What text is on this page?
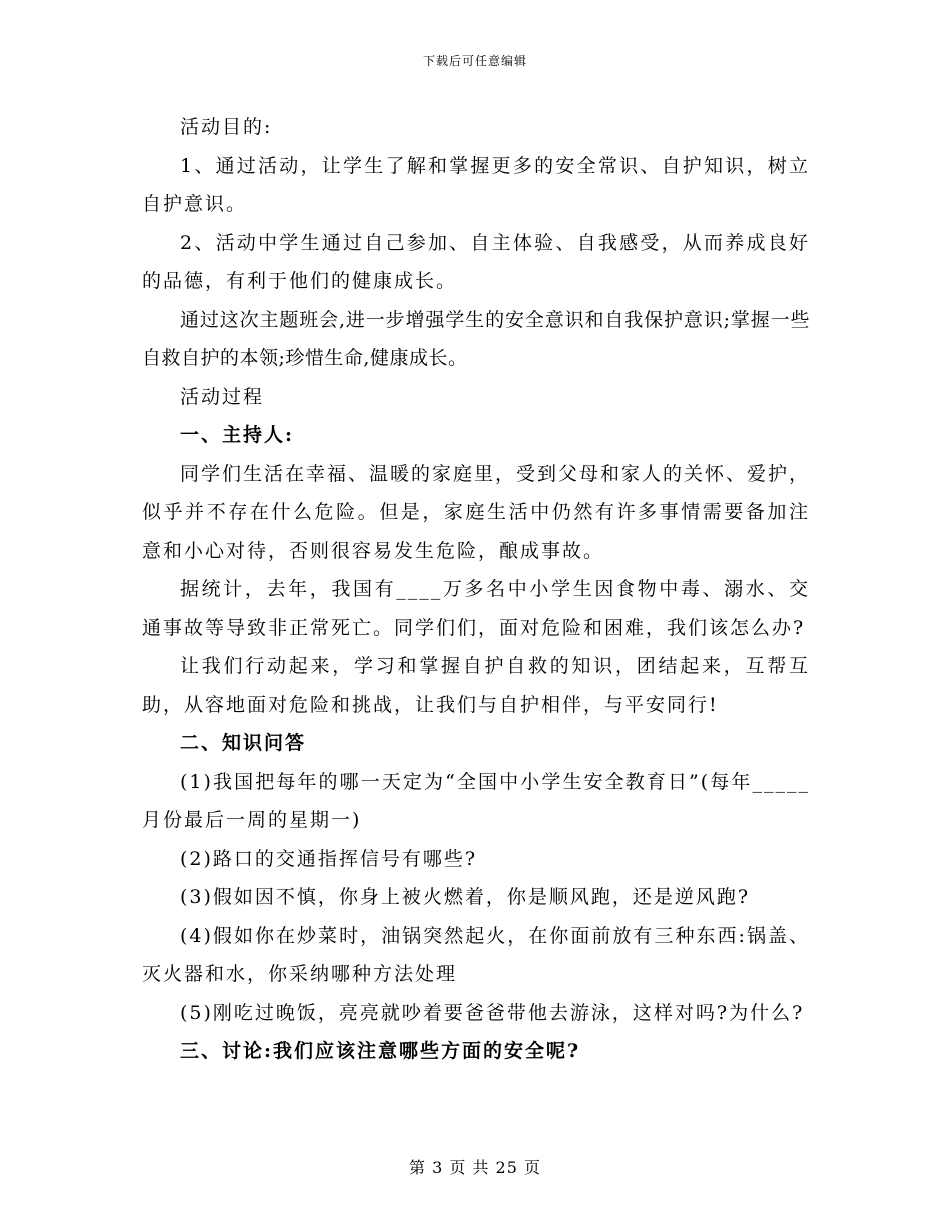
下载后可任意编辑

活动目的:

1、通过活动，让学生了解和掌握更多的安全常识、自护知识，树立自护意识。

2、活动中学生通过自己参加、自主体验、自我感受，从而养成良好的品德，有利于他们的健康成长。

通过这次主题班会,进一步增强学生的安全意识和自我保护意识;掌握一些自救自护的本领;珍惜生命,健康成长。

活动过程

一、主持人:

同学们生活在幸福、温暖的家庭里，受到父母和家人的关怀、爱护，似乎并不存在什么危险。但是，家庭生活中仍然有许多事情需要备加注意和小心对待，否则很容易发生危险，酿成事故。

据统计，去年，我国有____万多名中小学生因食物中毒、溺水、交通事故等导致非正常死亡。同学们们，面对危险和困难，我们该怎么办?

让我们行动起来，学习和掌握自护自救的知识，团结起来，互帮互助，从容地面对危险和挑战，让我们与自护相伴，与平安同行!

二、知识问答

(1)我国把每年的哪一天定为“全国中小学生安全教育日”(每年_____月份最后一周的星期一)

(2)路口的交通指挥信号有哪些?

(3)假如因不慎，你身上被火燃着，你是顺风跑，还是逆风跑?

(4)假如你在炒菜时，油锅突然起火，在你面前放有三种东西:锅盖、灭火器和水，你采纳哪种方法处理

(5)刚吃过晚饭，亮亮就吵着要爸爸带他去游泳，这样对吗?为什么?

三、讨论:我们应该注意哪些方面的安全呢?

第 3 页 共 25 页
